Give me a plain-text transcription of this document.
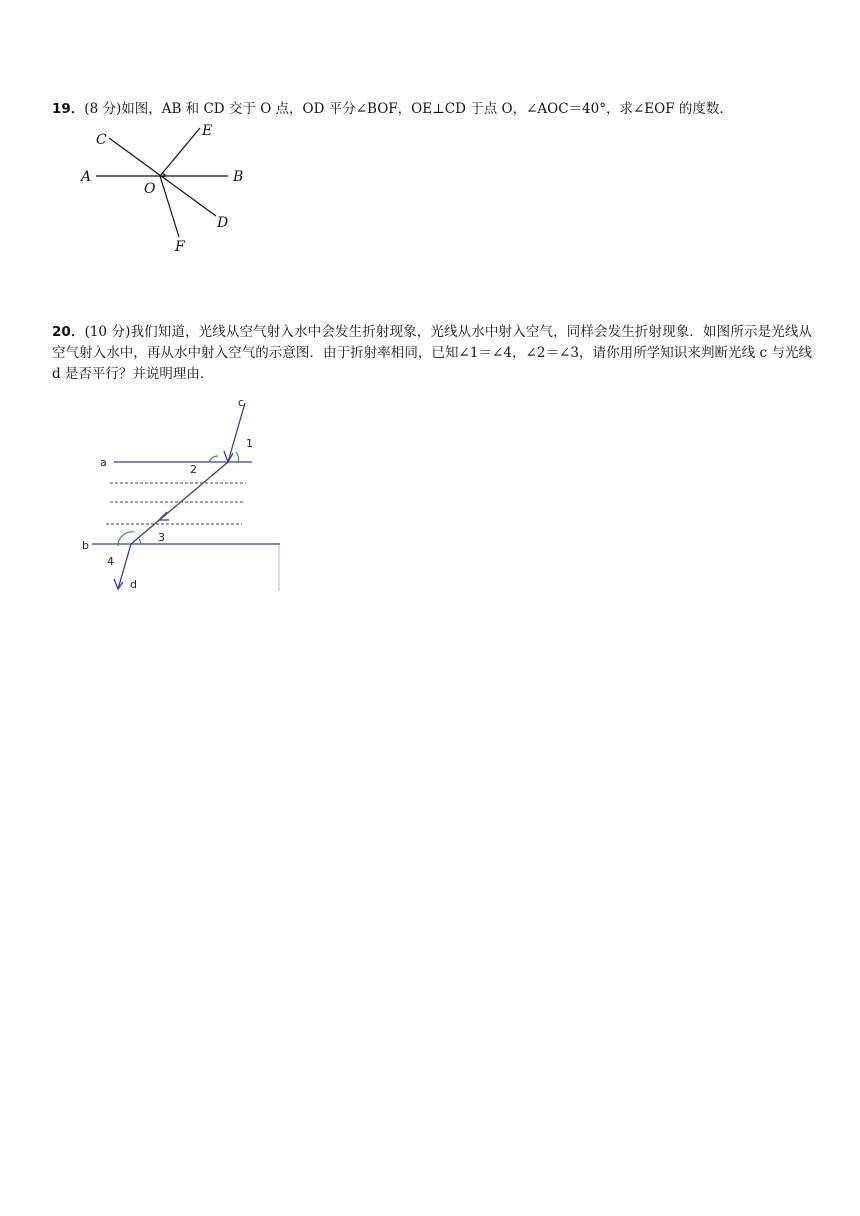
19．(8 分)如图，AB 和 CD 交于 O 点，OD 平分∠BOF，OE⊥CD 于点 O，∠AOC＝40°，求∠EOF 的度数．
A	B
C
D
E
F
O
20．(10 分)我们知道，光线从空气射入水中会发生折射现象，光线从水中射入空气，同样会发生折射现象．如图所示是光线从空气射入水中，再从水中射入空气的示意图．由于折射率相同，已知∠1＝∠4，∠2＝∠3，请你用所学知识来判断光线 c 与光线 d 是否平行？并说明理由．
c
a
b
d
1
2
3
4
